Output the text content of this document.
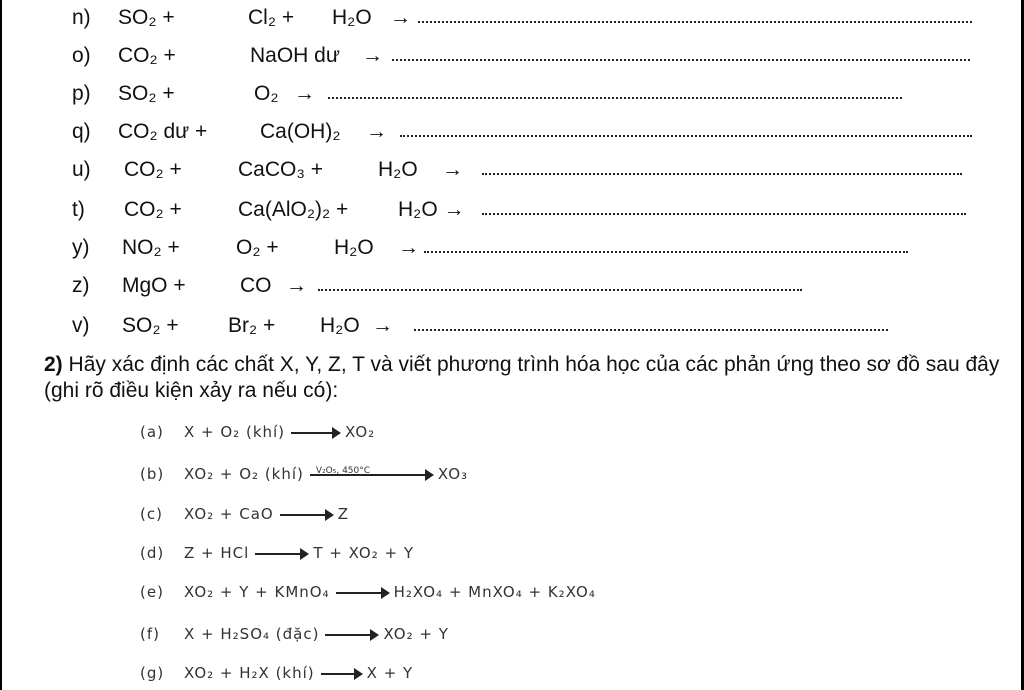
n) SO₂ +	Cl₂ + H₂O →
o) CO₂ +	NaOH dư →
p) SO₂ +	O₂ →
q) CO₂ dư +	Ca(OH)₂ →
u) CO₂ +	CaCO₃ +	H₂O →
t) CO₂ +	Ca(AlO₂)₂ + H₂O →
y) NO₂ +	O₂ +	H₂O →
z) MgO +	CO →
v) SO₂ + Br₂ + H₂O →
2) Hãy xác định các chất X, Y, Z, T và viết phương trình hóa học của các phản ứng theo sơ đồ sau đây (ghi rõ điều kiện xảy ra nếu có):
(a) X + O₂ (khí) → XO₂
(b) XO₂ + O₂ (khí) V₂O₅, 450°C	XO₃
(c) XO₂ + CaO → Z
(d) Z + HCl → T + XO₂ + Y
(e) XO₂ + Y + KMnO₄ → H₂XO₄ + MnXO₄ + K₂XO₄
(f) X + H₂SO₄ (đặc) → XO₂ + Y
(g) XO₂ + H₂X (khí) → X + Y
